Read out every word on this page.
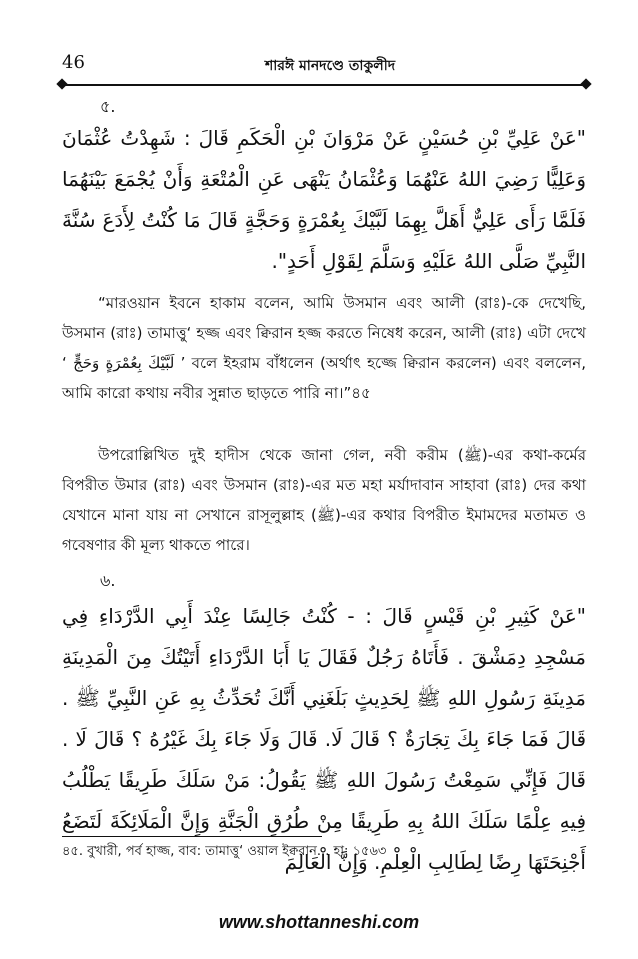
46	শারঈ মানদণ্ডে তাকুলীদ
৫.
"عَنْ عَلِيِّ بْنِ حُسَيْنٍ عَنْ مَرْوَانَ بْنِ الْحَكَمِ قَالَ : شَهِدْتُ عُثْمَانَ وَعَلِيًّا رَضِيَ اللهُ عَنْهُمَا وَعُثْمَانُ يَنْهَى عَنِ الْمُتْعَةِ وَأَنْ يُجْمَعَ بَيْنَهُمَا فَلَمَّا رَأَى عَلِيٌّ أَهَلَّ بِهِمَا لَبَّيْكَ بِعُمْرَةٍ وَحَجَّةٍ قَالَ مَا كُنْتُ لِأَدَعَ سُنَّةَ النَّبِيِّ صَلَّى اللهُ عَلَيْهِ وَسَلَّمَ لِقَوْلِ أَحَدٍ".
“মারওয়ান ইবনে হাকাম বলেন, আমি উসমান এবং আলী (রাঃ)-কে দেখেছি, উসমান (রাঃ) তামাত্তু‘ হজ্জ এবং ক্বিরান হজ্জ করতে নিষেধ করেন, আলী (রাঃ) এটা দেখে ‘ لَبَّيْكَ بِعُمْرَةٍ وَحَجٍّ ’ বলে ইহরাম বাঁধলেন (অর্থাৎ হজ্জে ক্বিরান করলেন) এবং বললেন, আমি কারো কথায় নবীর সুন্নাত ছাড়তে পারি না।”৪৫
উপরোল্লিখিত দুই হাদীস থেকে জানা গেল, নবী করীম (ﷺ)-এর কথা-কর্মের বিপরীত উমার (রাঃ) এবং উসমান (রাঃ)-এর মত মহা মর্যাদাবান সাহাবা (রাঃ) দের কথা যেখানে মানা যায় না সেখানে রাসূলুল্লাহ (ﷺ)-এর কথার বিপরীত ইমামদের মতামত ও গবেষণার কী মূল্য থাকতে পারে।
৬.
"عَنْ كَثِيرِ بْنِ قَيْسٍ قَالَ : - كُنْتُ جَالِسًا عِنْدَ أَبِي الدَّرْدَاءِ فِي مَسْجِدِ دِمَشْقَ . فَأَتَاهُ رَجُلٌ فَقَالَ يَا أَبَا الدَّرْدَاءِ أَتَيْتُكَ مِنَ الْمَدِينَةِ مَدِينَةِ رَسُولِ اللهِ ﷺ لِحَدِيثٍ بَلَغَنِي أَنَّكَ تُحَدِّثُ بِهِ عَنِ النَّبِيِّ ﷺ . قَالَ فَمَا جَاءَ بِكَ تِجَارَةٌ ؟ قَالَ لَا. قَالَ وَلَا جَاءَ بِكَ غَيْرُهُ ؟ قَالَ لَا . قَالَ فَإِنِّي سَمِعْتُ رَسُولَ اللهِ ﷺ يَقُولُ: مَنْ سَلَكَ طَرِيقًا يَطْلُبُ فِيهِ عِلْمًا سَلَكَ اللهُ بِهِ طَرِيقًا مِنْ طُرُقِ الْجَنَّةِ وَإِنَّ الْمَلَائِكَةَ لَتَضَعُ أَجْنِحَتَهَا رِضًا لِطَالِبِ الْعِلْمِ. وَإِنَّ الْعَالِمَ
৪৫. বুখারী, পর্ব হাজ্জ, বাব: তামাত্তু‘ ওয়াল ইক্বরান... হা: ১৫৬৩
www.shottanneshi.com
